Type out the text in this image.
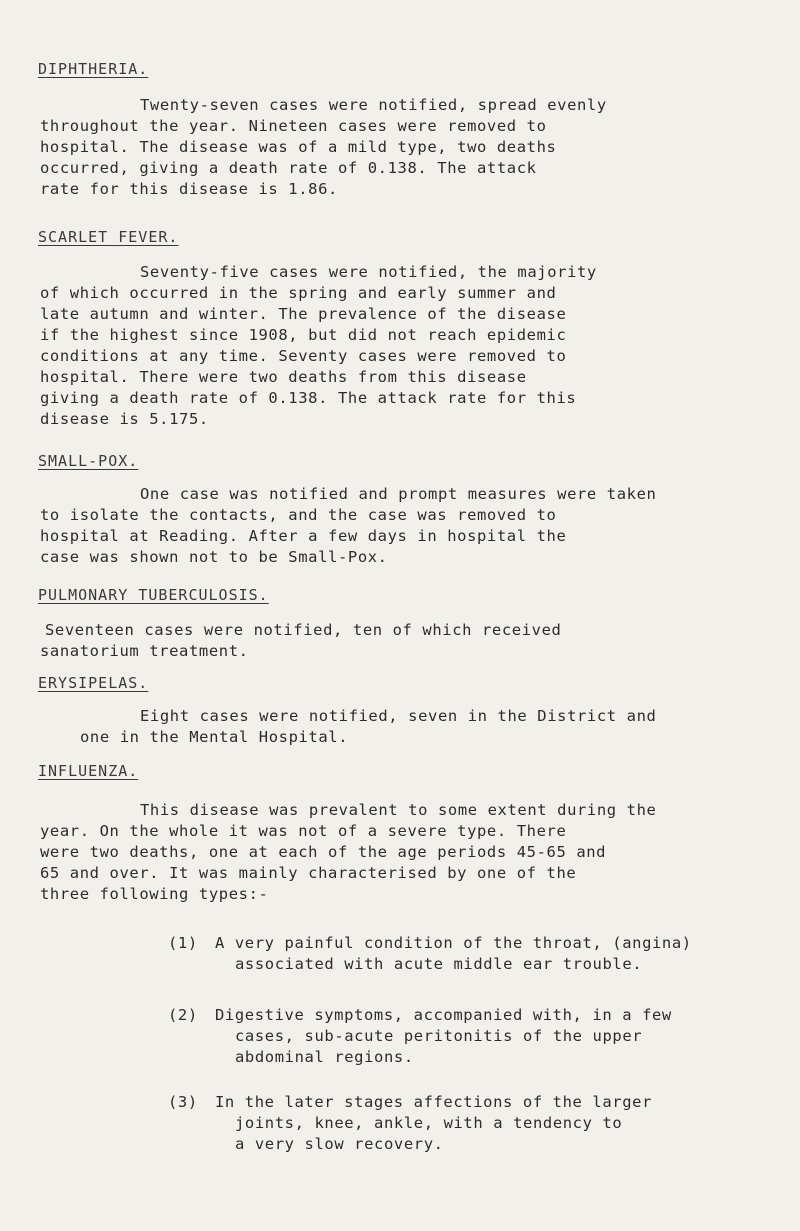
DIPHTHERIA.

Twenty-seven cases were notified, spread evenly
throughout the year. Nineteen cases were removed to
hospital. The disease was of a mild type, two deaths
occurred, giving a death rate of 0.138. The attack
rate for this disease is 1.86.

SCARLET FEVER.

Seventy-five cases were notified, the majority
of which occurred in the spring and early summer and
late autumn and winter. The prevalence of the disease
if the highest since 1908, but did not reach epidemic
conditions at any time. Seventy cases were removed to
hospital. There were two deaths from this disease
giving a death rate of 0.138. The attack rate for this
disease is 5.175.

SMALL-POX.

One case was notified and prompt measures were taken
to isolate the contacts, and the case was removed to
hospital at Reading. After a few days in hospital the
case was shown not to be Small-Pox.

PULMONARY TUBERCULOSIS.

Seventeen cases were notified, ten of which received
sanatorium treatment.

ERYSIPELAS.

Eight cases were notified, seven in the District and
one in the Mental Hospital.

INFLUENZA.

This disease was prevalent to some extent during the
year. On the whole it was not of a severe type. There
were two deaths, one at each of the age periods 45-65 and
65 and over. It was mainly characterised by one of the
three following types:-

(1) A very painful condition of the throat, (angina)
associated with acute middle ear trouble.

(2) Digestive symptoms, accompanied with, in a few
cases, sub-acute peritonitis of the upper
abdominal regions.

(3) In the later stages affections of the larger
joints, knee, ankle, with a tendency to
a very slow recovery.
